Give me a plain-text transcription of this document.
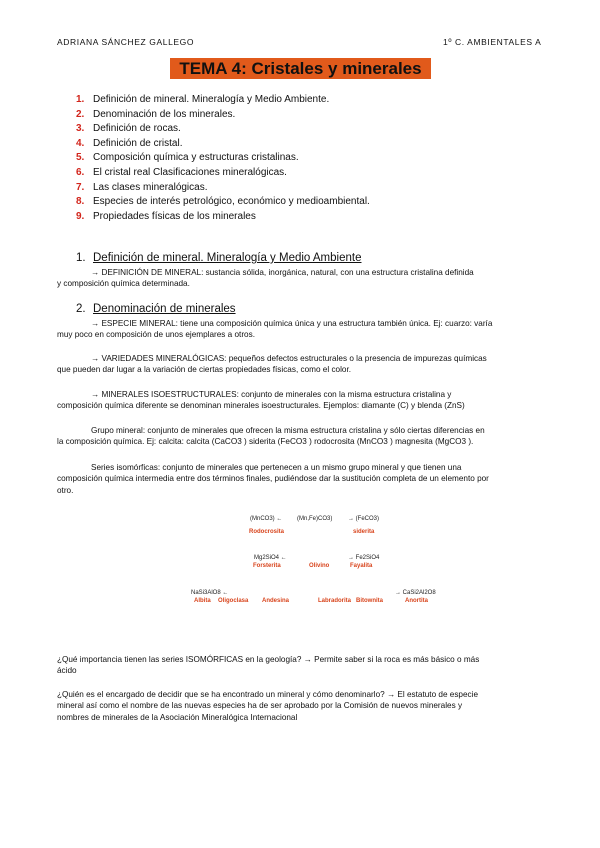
ADRIANA SÁNCHEZ GALLEGO	1º C. AMBIENTALES A
TEMA 4: Cristales y minerales
1. Definición de mineral. Mineralogía y Medio Ambiente.
2. Denominación de los minerales.
3. Definición de rocas.
4. Definición de cristal.
5. Composición química y estructuras cristalinas.
6. El cristal real Clasificaciones mineralógicas.
7. Las clases mineralógicas.
8. Especies de interés petrológico, económico y medioambiental.
9. Propiedades físicas de los minerales
1. Definición de mineral. Mineralogía y Medio Ambiente
→ DEFINICIÓN DE MINERAL: sustancia sólida, inorgánica, natural, con una estructura cristalina definida
y composición química determinada.
2. Denominación de minerales
→ ESPECIE MINERAL: tiene una composición química única y una estructura también única. Ej: cuarzo: varía
muy poco en composición de unos ejemplares a otros.
→ VARIEDADES MINERALÓGICAS: pequeños defectos estructurales o la presencia de impurezas químicas
que pueden dar lugar a la variación de ciertas propiedades físicas, como el color.
→ MINERALES ISOESTRUCTURALES: conjunto de minerales con la misma estructura cristalina y
composición química diferente se denominan minerales isoestructurales. Ejemplos: diamante (C) y blenda (ZnS)
Grupo mineral: conjunto de minerales que ofrecen la misma estructura cristalina y sólo ciertas diferencias en
la composición química. Ej: calcita: calcita (CaCO3 ) siderita (FeCO3 ) rodocrosita (MnCO3 ) magnesita (MgCO3 ).
Series isomórficas: conjunto de minerales que pertenecen a un mismo grupo mineral y que tienen una
composición química intermedia entre dos términos finales, pudiéndose dar la sustitución completa de un elemento por
otro.
(MnCO3) ← (Mn,Fe)CO3)	→ (FeCO3)
Rodocrosita	siderita
Mg2SiO4 ←	→ Fe2SiO4
Forsterita	Olivino	Fayalita
NaSi3AlO8 ←	→ CaSi2Al2O8
Albita Oligoclasa Andesina	Labradorita Bitownita	Anortita
¿Qué importancia tienen las series ISOMÓRFICAS en la geología? → Permite saber si la roca es más básico o más
ácido
¿Quién es el encargado de decidir que se ha encontrado un mineral y cómo denominarlo? → El estatuto de especie
mineral así como el nombre de las nuevas especies ha de ser aprobado por la Comisión de nuevos minerales y
nombres de minerales de la Asociación Mineralógica Internacional
